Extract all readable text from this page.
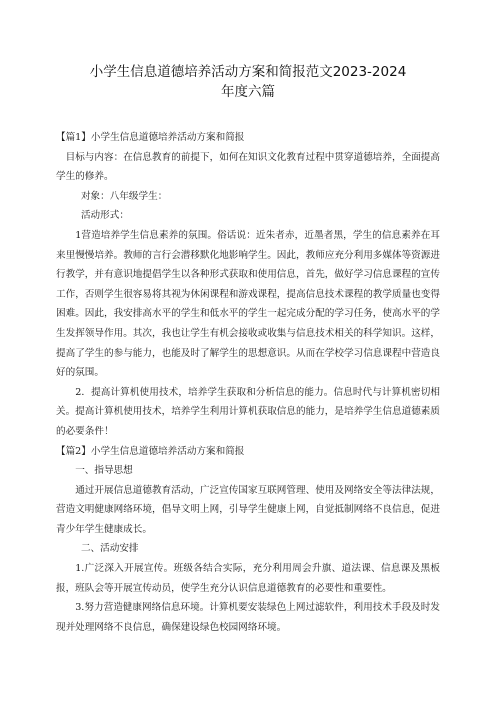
小学生信息道德培养活动方案和简报范文2023-2024
年度六篇

【篇1】小学生信息道德培养活动方案和简报

目标与内容：在信息教育的前提下，如何在知识文化教育过程中贯穿道德培养，全面提高学生的修养。

对象：八年级学生：

活动形式：

1营造培养学生信息素养的氛围。俗话说：近朱者赤，近墨者黑，学生的信息素养在耳来里慢慢培养。教师的言行会潜移默化地影响学生。因此，教师应充分利用多媒体等资源进行教学，并有意识地提倡学生以各种形式获取和使用信息，首先，做好学习信息课程的宣传工作，否则学生很容易将其视为休闲课程和游戏课程，提高信息技术课程的教学质量也变得困难。因此，我安排高水平的学生和低水平的学生一起完成分配的学习任务，使高水平的学生发挥领导作用。其次，我也让学生有机会接收或收集与信息技术相关的科学知识。这样，提高了学生的参与能力，也能及时了解学生的思想意识。从而在学校学习信息课程中营造良好的氛围。

2．提高计算机使用技术，培养学生获取和分析信息的能力。信息时代与计算机密切相关。提高计算机使用技术，培养学生利用计算机获取信息的能力，是培养学生信息道德素质的必要条件！

【篇2】小学生信息道德培养活动方案和简报

一、指导思想

通过开展信息道德教育活动，广泛宣传国家互联网管理、使用及网络安全等法律法规，营造文明健康网络环境，倡导文明上网，引导学生健康上网，自觉抵制网络不良信息，促进青少年学生健康成长。

二、活动安排

1.广泛深入开展宣传。班级各结合实际，充分利用周会升旗、道法课、信息课及黑板报，班队会等开展宣传动员，使学生充分认识信息道德教育的必要性和重要性。

3.努力营造健康网络信息环境。计算机要安装绿色上网过滤软件，利用技术手段及时发现并处理网络不良信息，确保建设绿色校园网络环境。
